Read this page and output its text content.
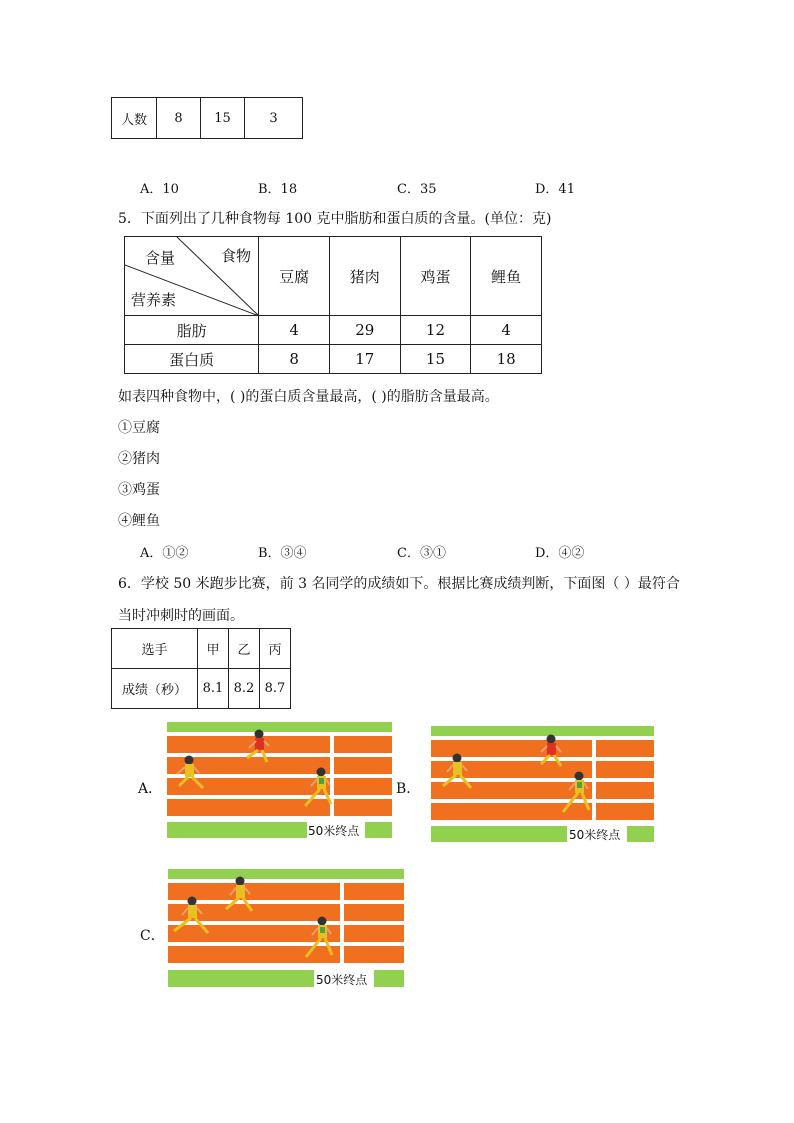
人数	8	15	3
A．10	B．18	C．35	D．41
5．下面列出了几种食物每 100 克中脂肪和蛋白质的含量。(单位：克)
含量 食物
营养素	豆腐	猪肉	鸡蛋	鲤鱼
脂肪	4	29	12	4
蛋白质	8	17	15	18
如表四种食物中，( )的蛋白质含量最高，( )的脂肪含量最高。
①豆腐
②猪肉
③鸡蛋
④鲤鱼
A．①②	B．③④	C．③①	D．④②
6．学校 50 米跑步比赛，前 3 名同学的成绩如下。根据比赛成绩判断，下面图（ ）最符合
当时冲刺时的画面。
选手	甲	乙	丙
成绩（秒）	8.1	8.2	8.7
A．	B．
C．
50米终点	50米终点
50米终点
